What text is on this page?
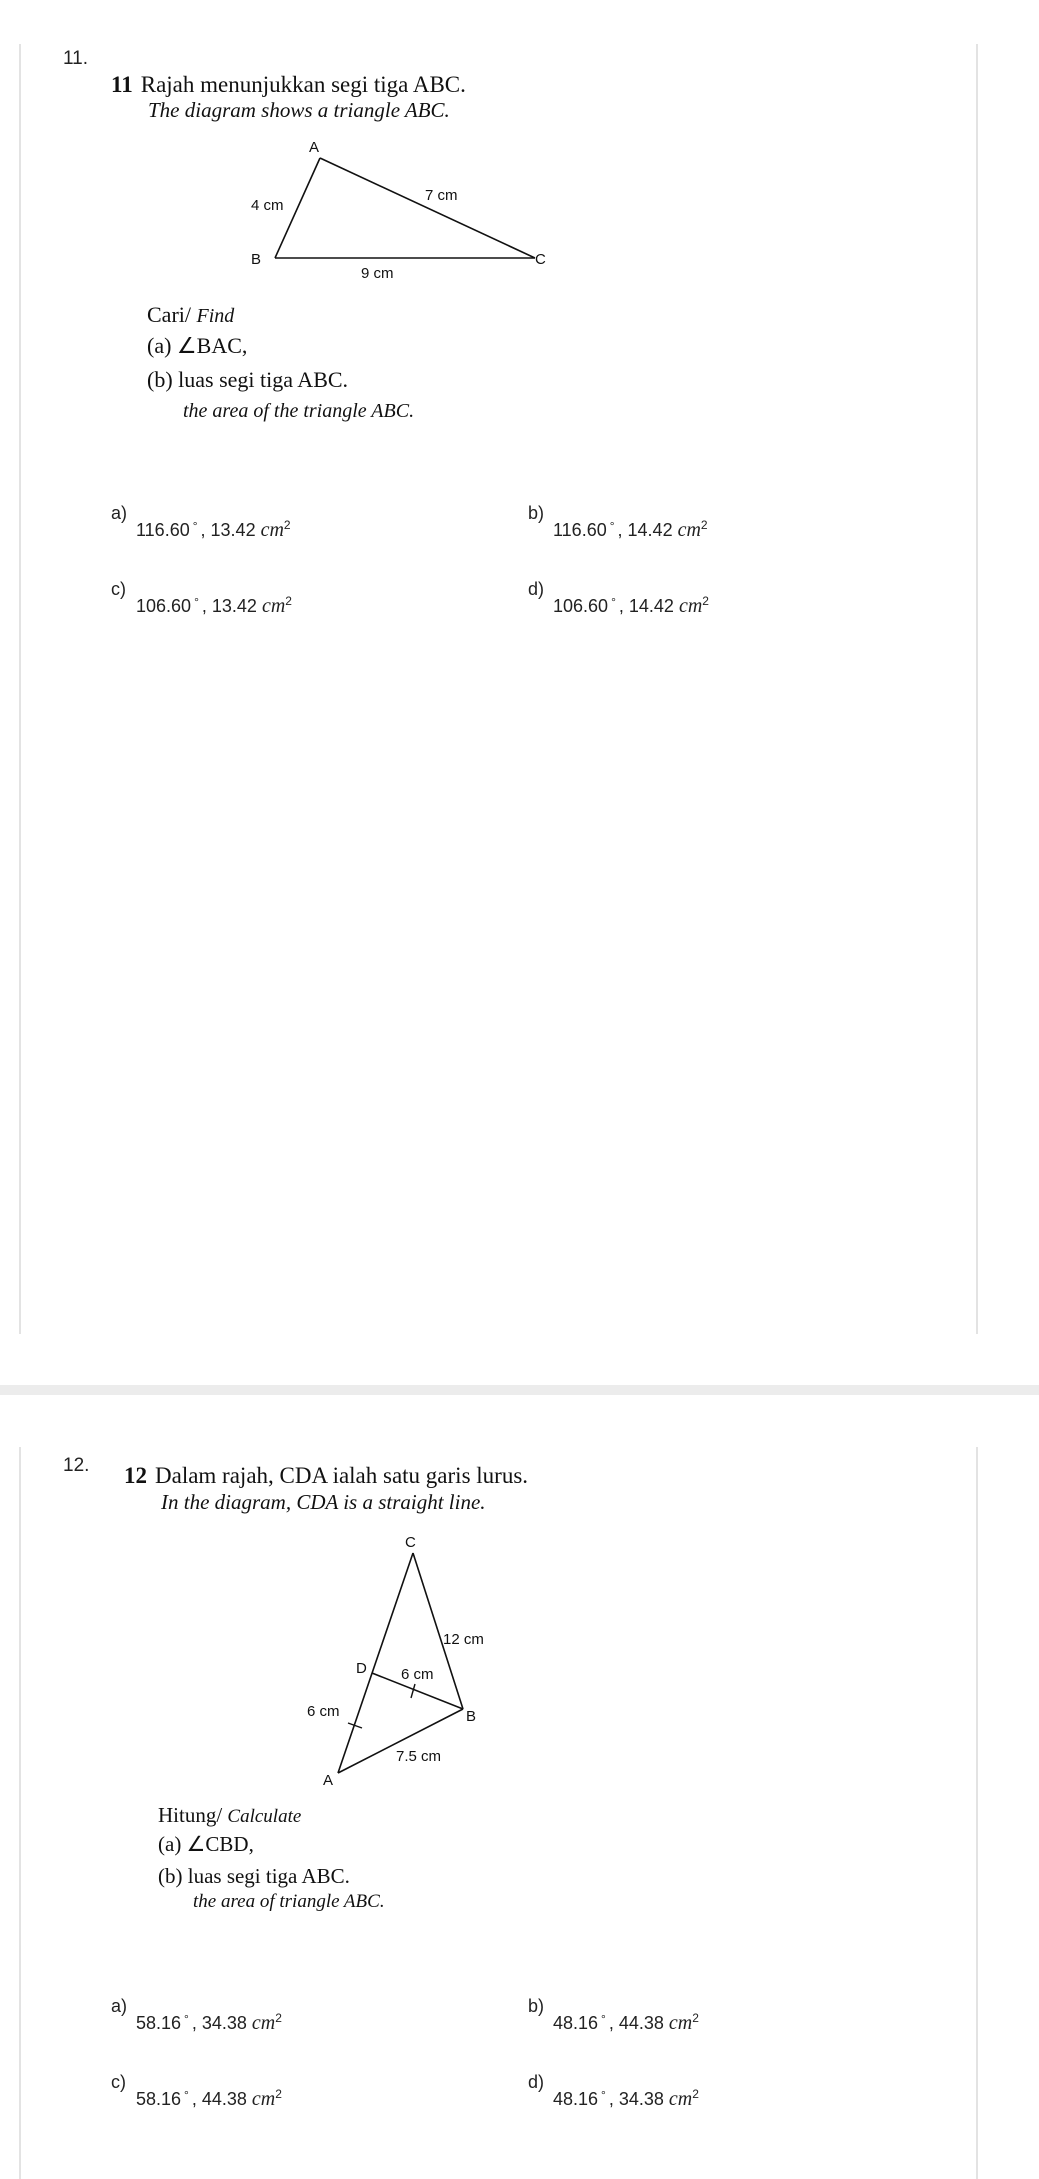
11.
11 Rajah menunjukkan segi tiga ABC.
The diagram shows a triangle ABC.
A
B	C
4 cm
7 cm
9 cm
Cari/ Find
(a) ∠BAC,
(b) luas segi tiga ABC.
the area of the triangle ABC.
a)
116.60 ° , 13.42 $cm^2$
b)
116.60 ° , 14.42 $cm^2$
c)
106.60 ° , 13.42 $cm^2$
d)
106.60 ° , 14.42 $cm^2$
12. 12 Dalam rajah, CDA ialah satu garis lurus.
In the diagram, CDA is a straight line.
C
D
B
A
12 cm
6 cm
6 cm
7.5 cm
Hitung/ Calculate
(a) ∠CBD,
(b) luas segi tiga ABC.
the area of triangle ABC.
a)
58.16 ° , 34.38 $cm^2$
b)
48.16 ° , 44.38 $cm^2$
c)
58.16 ° , 44.38 $cm^2$
d)
48.16 ° , 34.38 $cm^2$
